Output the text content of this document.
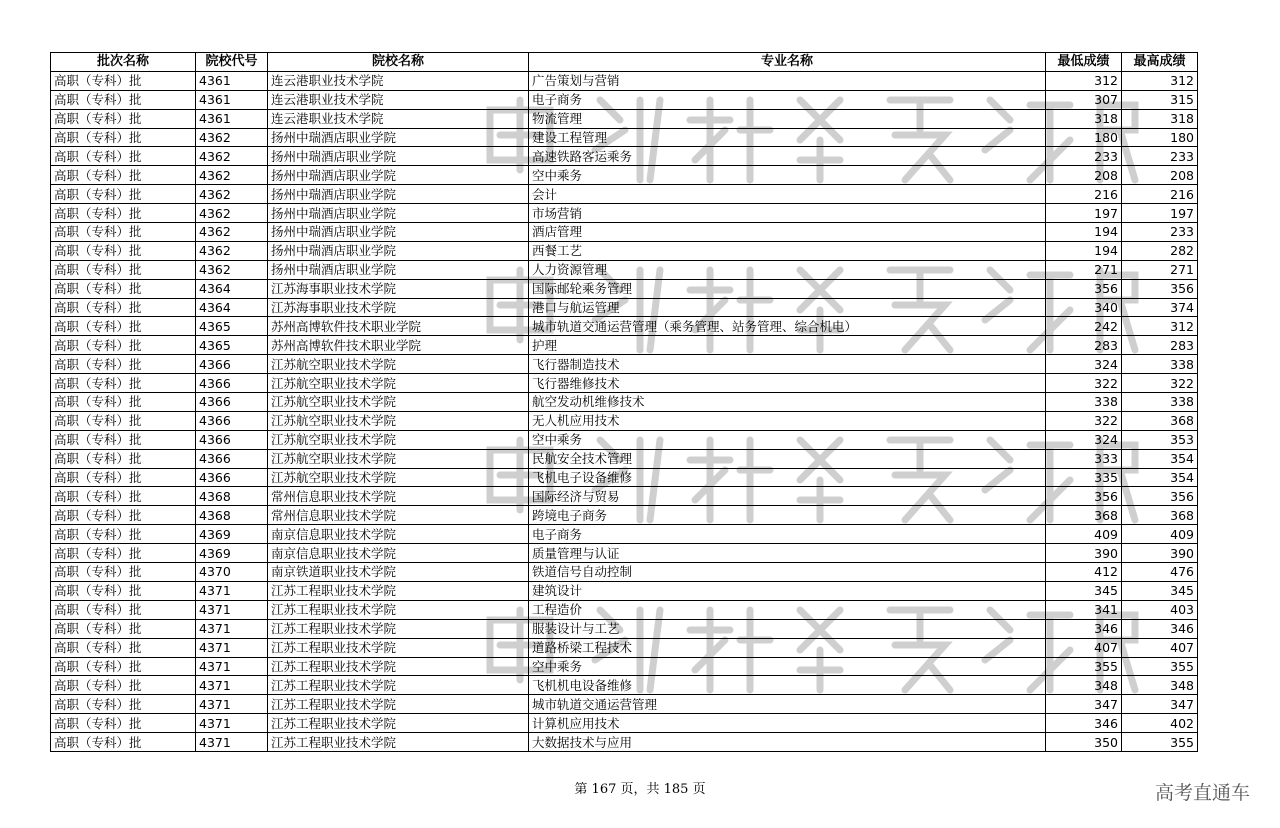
批次名称	院校代号	院校名称	专业名称	最低成绩	最高成绩
高职（专科）批	4361	连云港职业技术学院	广告策划与营销	312	312
高职（专科）批	4361	连云港职业技术学院	电子商务	307	315
高职（专科）批	4361	连云港职业技术学院	物流管理	318	318
高职（专科）批	4362	扬州中瑞酒店职业学院	建设工程管理	180	180
高职（专科）批	4362	扬州中瑞酒店职业学院	高速铁路客运乘务	233	233
高职（专科）批	4362	扬州中瑞酒店职业学院	空中乘务	208	208
高职（专科）批	4362	扬州中瑞酒店职业学院	会计	216	216
高职（专科）批	4362	扬州中瑞酒店职业学院	市场营销	197	197
高职（专科）批	4362	扬州中瑞酒店职业学院	酒店管理	194	233
高职（专科）批	4362	扬州中瑞酒店职业学院	西餐工艺	194	282
高职（专科）批	4362	扬州中瑞酒店职业学院	人力资源管理	271	271
高职（专科）批	4364	江苏海事职业技术学院	国际邮轮乘务管理	356	356
高职（专科）批	4364	江苏海事职业技术学院	港口与航运管理	340	374
高职（专科）批	4365	苏州高博软件技术职业学院	城市轨道交通运营管理（乘务管理、站务管理、综合机电）	242	312
高职（专科）批	4365	苏州高博软件技术职业学院	护理	283	283
高职（专科）批	4366	江苏航空职业技术学院	飞行器制造技术	324	338
高职（专科）批	4366	江苏航空职业技术学院	飞行器维修技术	322	322
高职（专科）批	4366	江苏航空职业技术学院	航空发动机维修技术	338	338
高职（专科）批	4366	江苏航空职业技术学院	无人机应用技术	322	368
高职（专科）批	4366	江苏航空职业技术学院	空中乘务	324	353
高职（专科）批	4366	江苏航空职业技术学院	民航安全技术管理	333	354
高职（专科）批	4366	江苏航空职业技术学院	飞机电子设备维修	335	354
高职（专科）批	4368	常州信息职业技术学院	国际经济与贸易	356	356
高职（专科）批	4368	常州信息职业技术学院	跨境电子商务	368	368
高职（专科）批	4369	南京信息职业技术学院	电子商务	409	409
高职（专科）批	4369	南京信息职业技术学院	质量管理与认证	390	390
高职（专科）批	4370	南京铁道职业技术学院	铁道信号自动控制	412	476
高职（专科）批	4371	江苏工程职业技术学院	建筑设计	345	345
高职（专科）批	4371	江苏工程职业技术学院	工程造价	341	403
高职（专科）批	4371	江苏工程职业技术学院	服装设计与工艺	346	346
高职（专科）批	4371	江苏工程职业技术学院	道路桥梁工程技术	407	407
高职（专科）批	4371	江苏工程职业技术学院	空中乘务	355	355
高职（专科）批	4371	江苏工程职业技术学院	飞机机电设备维修	348	348
高职（专科）批	4371	江苏工程职业技术学院	城市轨道交通运营管理	347	347
高职（专科）批	4371	江苏工程职业技术学院	计算机应用技术	346	402
高职（专科）批	4371	江苏工程职业技术学院	大数据技术与应用	350	355
第 167 页，共 185 页	高考直通车
